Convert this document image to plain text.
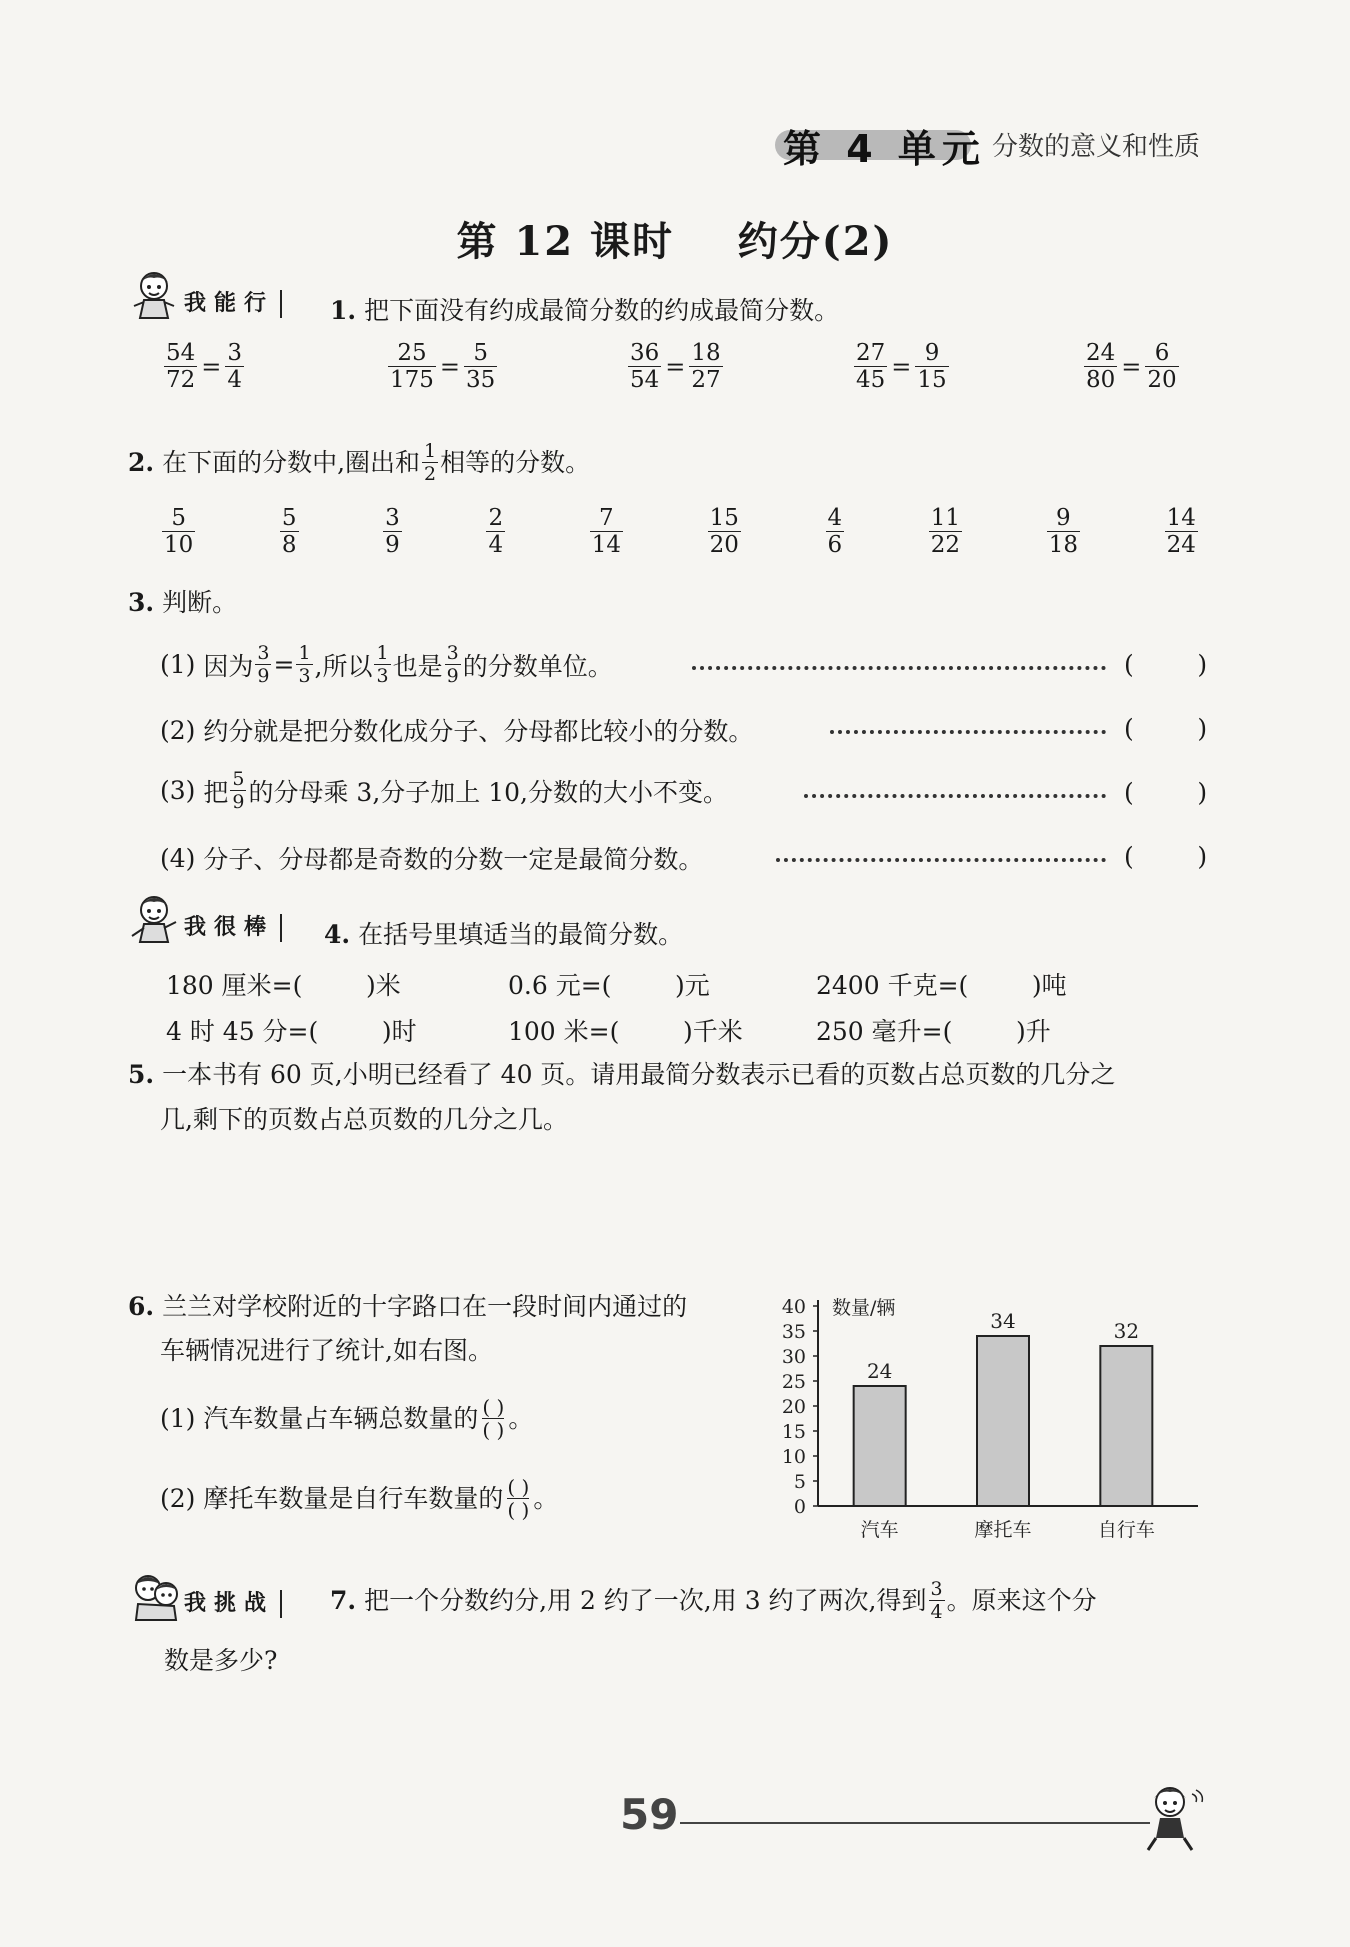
第 4 单元 分数的意义和性质
第 12 课时    约分(2)
我能行	1. 把下面没有约成最简分数的约成最简分数。
$\frac{54}{72} = \frac{3}{4}$	$\frac{25}{175} = \frac{5}{35}$	$\frac{36}{54} = \frac{18}{27}$	$\frac{27}{45} = \frac{9}{15}$	$\frac{24}{80} = \frac{6}{20}$
2.
在下面的分数中,圈出和 $\frac{1}{2}$ 相等的分数。
$\frac{5}{10}$	$\frac{5}{8}$	$\frac{3}{9}$	$\frac{2}{4}$	$\frac{7}{14}$	$\frac{15}{20}$	$\frac{4}{6}$	$\frac{11}{22}$	$\frac{9}{18}$	$\frac{14}{24}$
3. 判断。
(1)
因为 $\frac{3}{9} = \frac{1}{3}$ ,所以 $\frac{1}{3}$ 也是 $\frac{3}{9}$ 的分数单位。	(        )
(2)
约分就是把分数化成分子、分母都比较小的分数。	(        )
(3)
把 $\frac{5}{9}$ 的分母乘 3,分子加上 10,分数的大小不变。	(        )
(4)
分子、分母都是奇数的分数一定是最简分数。	(        )
我很棒	4. 在括号里填适当的最简分数。
180 厘米=(        )米	0.6 元=(        )元	2400 千克=(        )吨
4 时 45 分=(        )时	100 米=(        )千米	250 毫升=(        )升
5. 一本书有 60 页,小明已经看了 40 页。请用最简分数表示已看的页数占总页数的几分之
几,剩下的页数占总页数的几分之几。
6. 兰兰对学校附近的十字路口在一段时间内通过的
车辆情况进行了统计,如右图。
(1) 汽车数量占车辆总数量的 ( )
( ) 。
(2) 摩托车数量是自行车数量的 ( )
( ) 。	0
5
10
15
20
25
30
35
40 数量/辆
24
汽车
34
摩托车
32
自行车
我挑战	7.
把一个分数约分,用 2 约了一次,用 3 约了两次,得到 $\frac{3}{4}$ 。原来这个分
数是多少?
59
